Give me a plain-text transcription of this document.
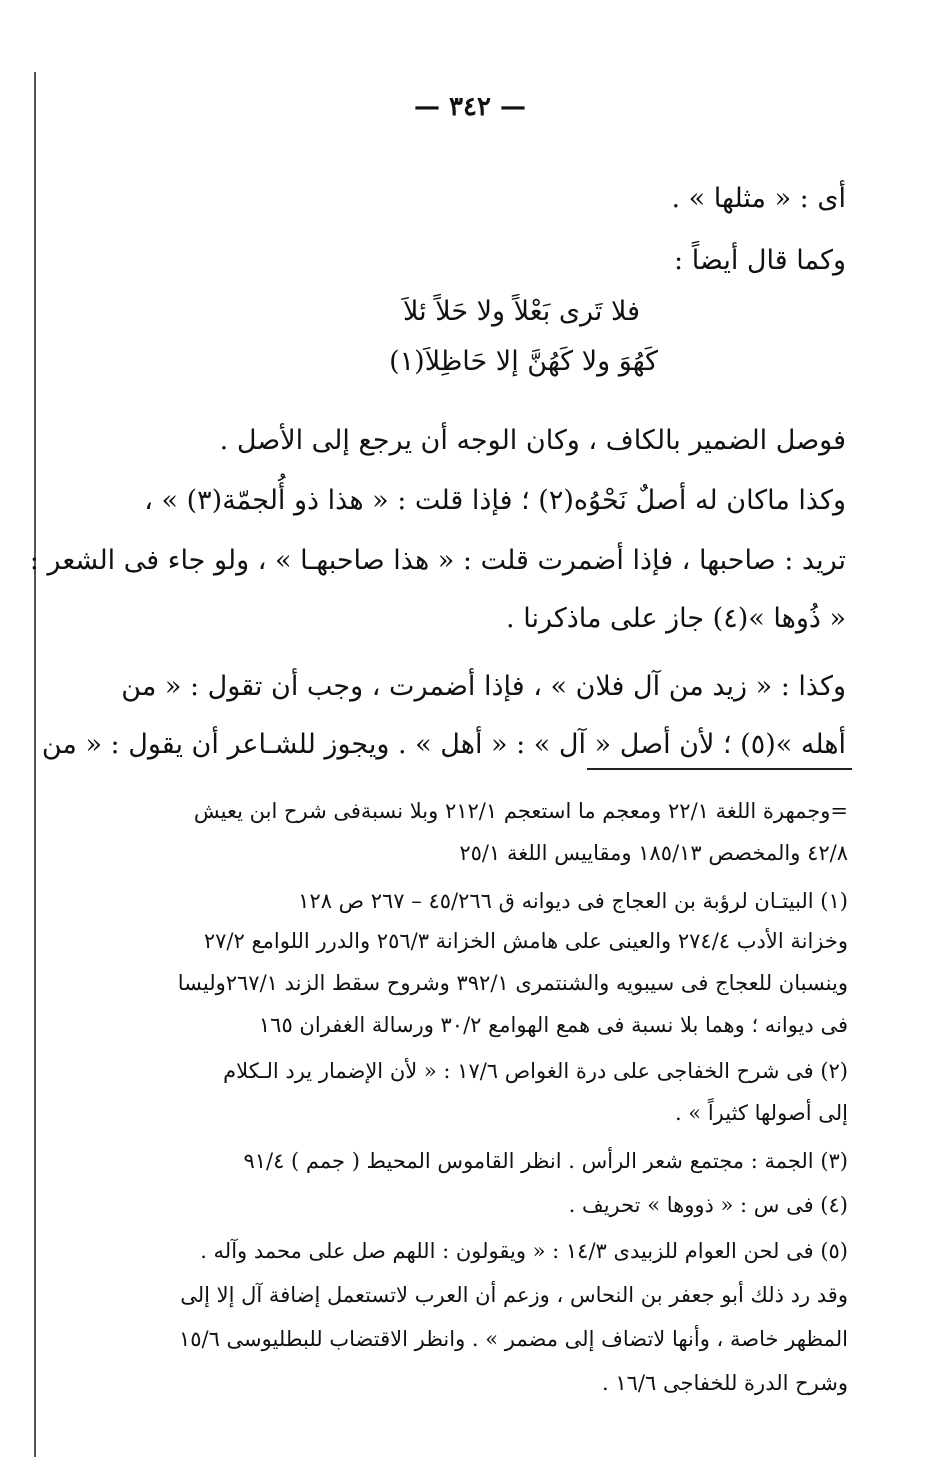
— ٣٤٢ —
أى : « مثلها » .
وكما قال أيضاً :
فوصل الضمير بالكاف ، وكان الوجه أن يرجع إلى الأصل .
وكذا ماكان له أصلٌ نَحْوُه(٢) ؛ فإذا قلت : « هذا ذو أُلجمّة(٣) » ،
تريد : صاحبها ، فإذا أضمرت قلت : « هذا صاحبهـا » ، ولو جاء فى الشعر :
« ذُوها »(٤) جاز على ماذكرنا .
وكذا : « زيد من آل فلان » ، فإذا أضمرت ، وجب أن تقول : « من
أهله »(٥) ؛ لأن أصل « آل » : « أهل » . ويجوز للشـاعر أن يقول : « من
فلا تَرى بَعْلاً ولا حَلاً ئلاَ
كَهُوَ ولا كَهُنَّ إلا حَاظِلاَ(١)
=وجمهرة اللغة ٢٢/١ ومعجم ما استعجم ٢١٢/١ وبلا نسبةفى شرح ابن يعيش
٤٢/٨ والمخصص ١٨٥/١٣ ومقاييس اللغة ٢٥/١
(١) البيتـان لرؤبة بن العجاج فى ديوانه ق ٤٥/٢٦٦ – ٢٦٧ ص ١٢٨
وخزانة الأدب ٢٧٤/٤ والعينى على هامش الخزانة ٢٥٦/٣ والدرر اللوامع ٢٧/٢
وينسبان للعجاج فى سيبويه والشنتمرى ٣٩٢/١ وشروح سقط الزند ٢٦٧/١وليسا
فى ديوانه ؛ وهما بلا نسبة فى همع الهوامع ٣٠/٢ ورسالة الغفران ١٦٥
(٢) فى شرح الخفاجى على درة الغواص ١٧/٦ : « لأن الإضمار يرد الـكلام
إلى أصولها كثيراً » .
(٣) الجمة : مجتمع شعر الرأس . انظر القاموس المحيط ( جمم ) ٩١/٤
(٤) فى س : « ذووها » تحريف .
(٥) فى لحن العوام للزبيدى ١٤/٣ : « ويقولون : اللهم صل على محمد وآله .
وقد رد ذلك أبو جعفر بن النحاس ، وزعم أن العرب لاتستعمل إضافة آل إلا إلى
المظهر خاصة ، وأنها لاتضاف إلى مضمر » . وانظر الاقتضاب للبطليوسى ١٥/٦
وشرح الدرة للخفاجى ١٦/٦ .
